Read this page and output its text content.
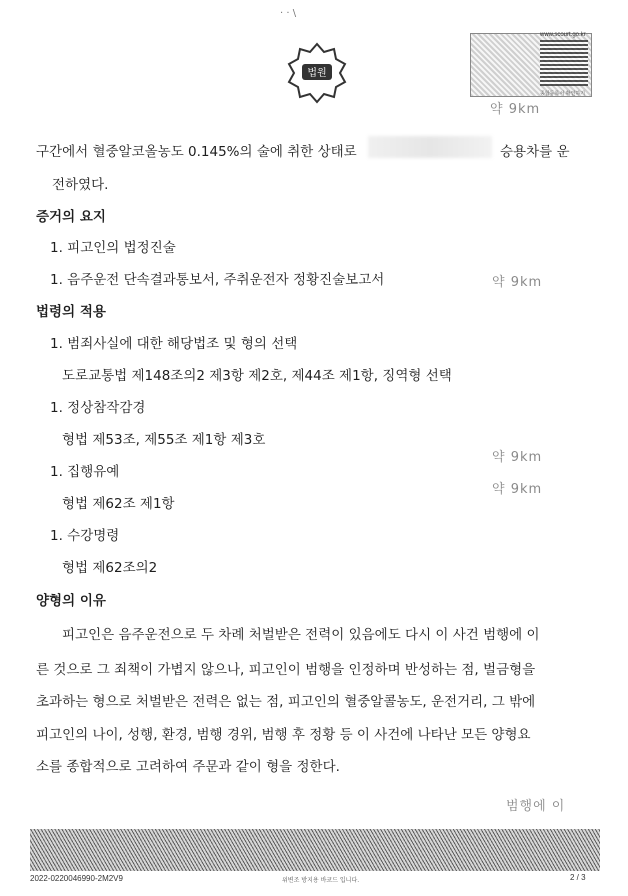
· · \
법원
www.scourt.go.kr
종합등록서 확인하기
약 9km
약 9km
약 9km
약 9km
범행에 이
구간에서 혈중알코올농도 0.145%의 술에 취한 상태로	승용차를 운
전하였다.
증거의 요지
1. 피고인의 법정진술
1. 음주운전 단속결과통보서, 주취운전자 정황진술보고서
법령의 적용
1. 범죄사실에 대한 해당법조 및 형의 선택
도로교통법 제148조의2 제3항 제2호, 제44조 제1항, 징역형 선택
1. 정상참작감경
형법 제53조, 제55조 제1항 제3호
1. 집행유예
형법 제62조 제1항
1. 수강명령
형법 제62조의2
양형의 이유
피고인은 음주운전으로 두 차례 처벌받은 전력이 있음에도 다시 이 사건 범행에 이
른 것으로 그 죄책이 가볍지 않으나, 피고인이 범행을 인정하며 반성하는 점, 벌금형을
초과하는 형으로 처벌받은 전력은 없는 점, 피고인의 혈중알콜농도, 운전거리, 그 밖에
피고인의 나이, 성행, 환경, 범행 경위, 범행 후 정황 등 이 사건에 나타난 모든 양형요
소를 종합적으로 고려하여 주문과 같이 형을 정한다.
2022-0220046990-2M2V9	위변조 방지용 바코드 입니다.	2 / 3
